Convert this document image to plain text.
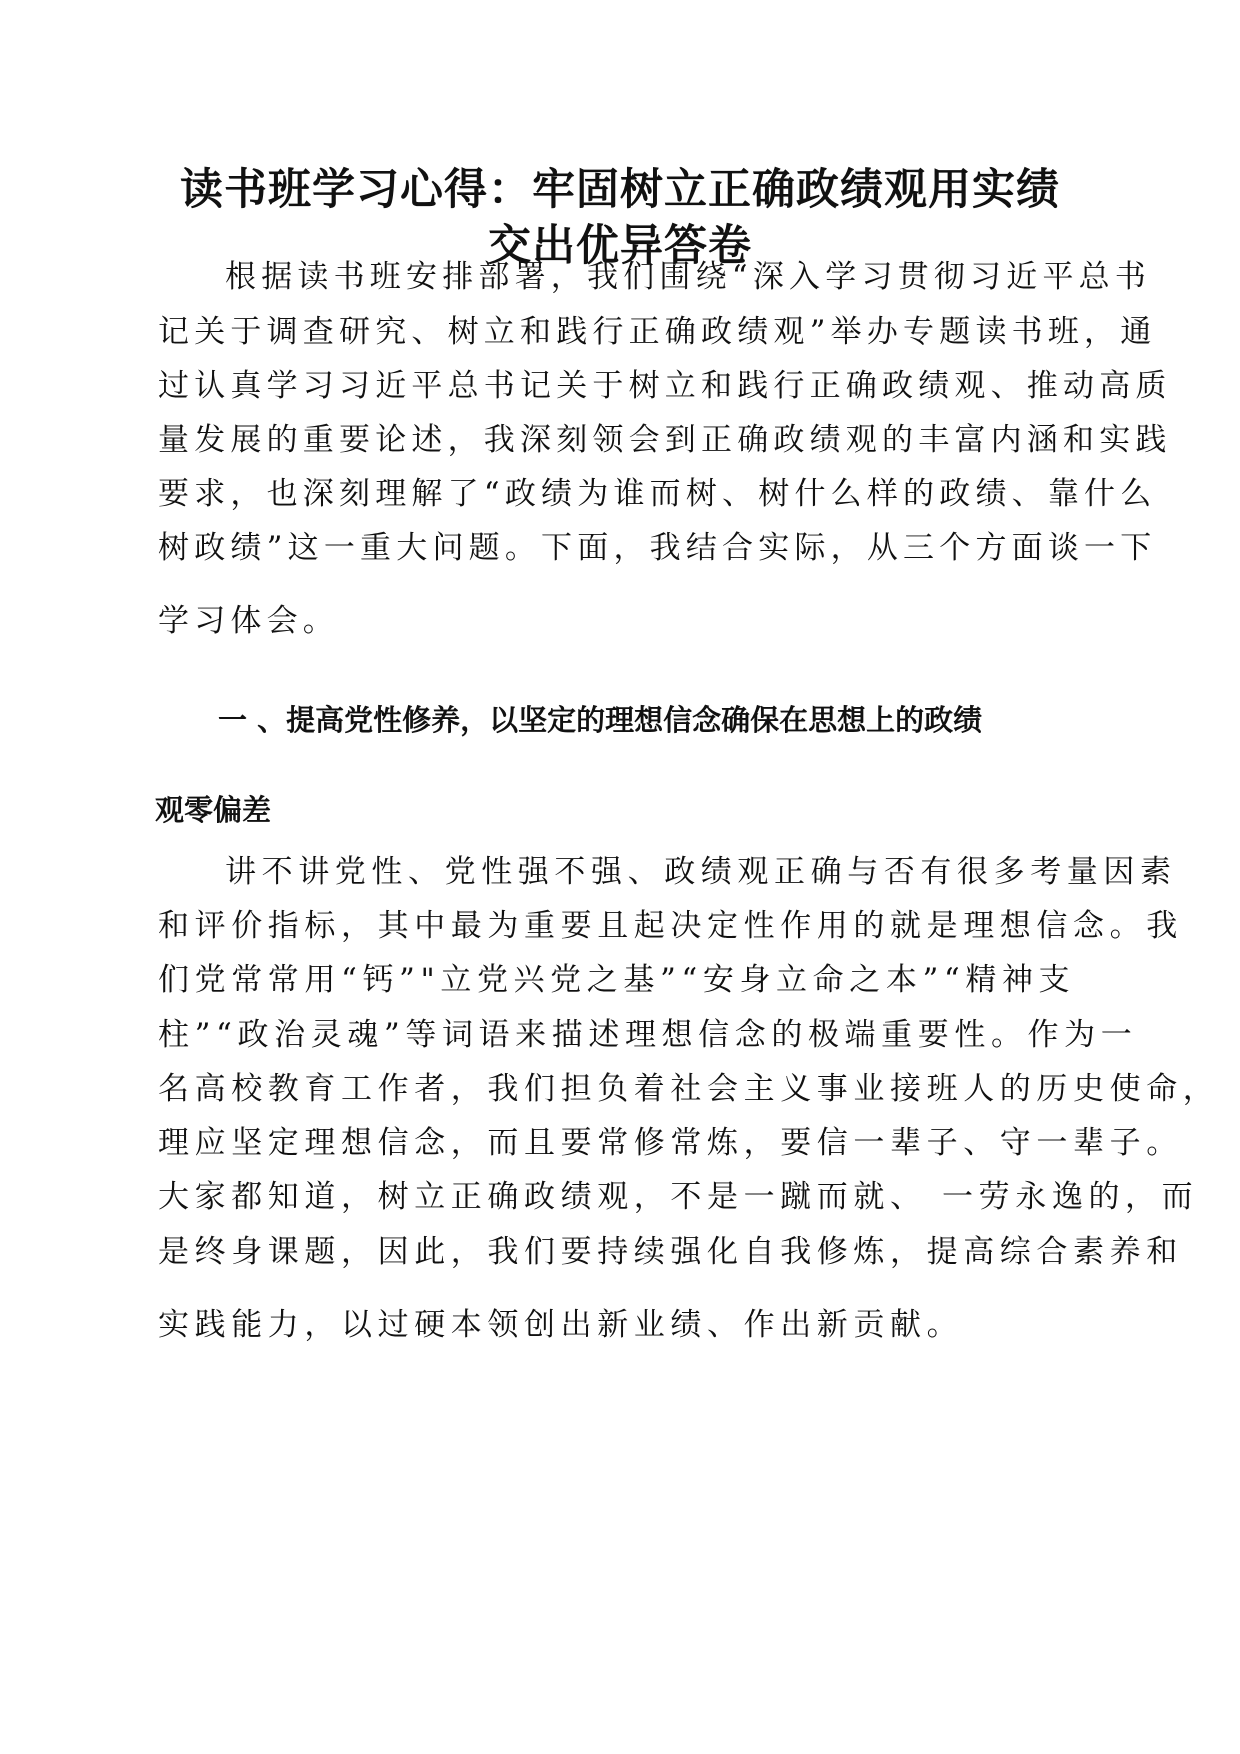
读书班学习心得：牢固树立正确政绩观用实绩
交出优异答卷

根据读书班安排部署，我们围绕“深入学习贯彻习近平总书

记关于调查研究、树立和践行正确政绩观”举办专题读书班，通

过认真学习习近平总书记关于树立和践行正确政绩观、推动高质

量发展的重要论述，我深刻领会到正确政绩观的丰富内涵和实践

要求，也深刻理解了“政绩为谁而树、树什么样的政绩、靠什么

树政绩”这一重大问题。下面，我结合实际，从三个方面谈一下

学习体会。

一 、提高党性修养，以坚定的理想信念确保在思想上的政绩
观零偏差

讲不讲党性、党性强不强、政绩观正确与否有很多考量因素

和评价指标，其中最为重要且起决定性作用的就是理想信念。我

们党常常用“钙”"立党兴党之基”“安身立命之本”“精神支

柱”“政治灵魂”等词语来描述理想信念的极端重要性。作为一

名高校教育工作者，我们担负着社会主义事业接班人的历史使命，

理应坚定理想信念，而且要常修常炼，要信一辈子、守一辈子。

大家都知道，树立正确政绩观，不是一蹴而就、 一劳永逸的，而

是终身课题，因此，我们要持续强化自我修炼，提高综合素养和

实践能力，以过硬本领创出新业绩、作出新贡献。
